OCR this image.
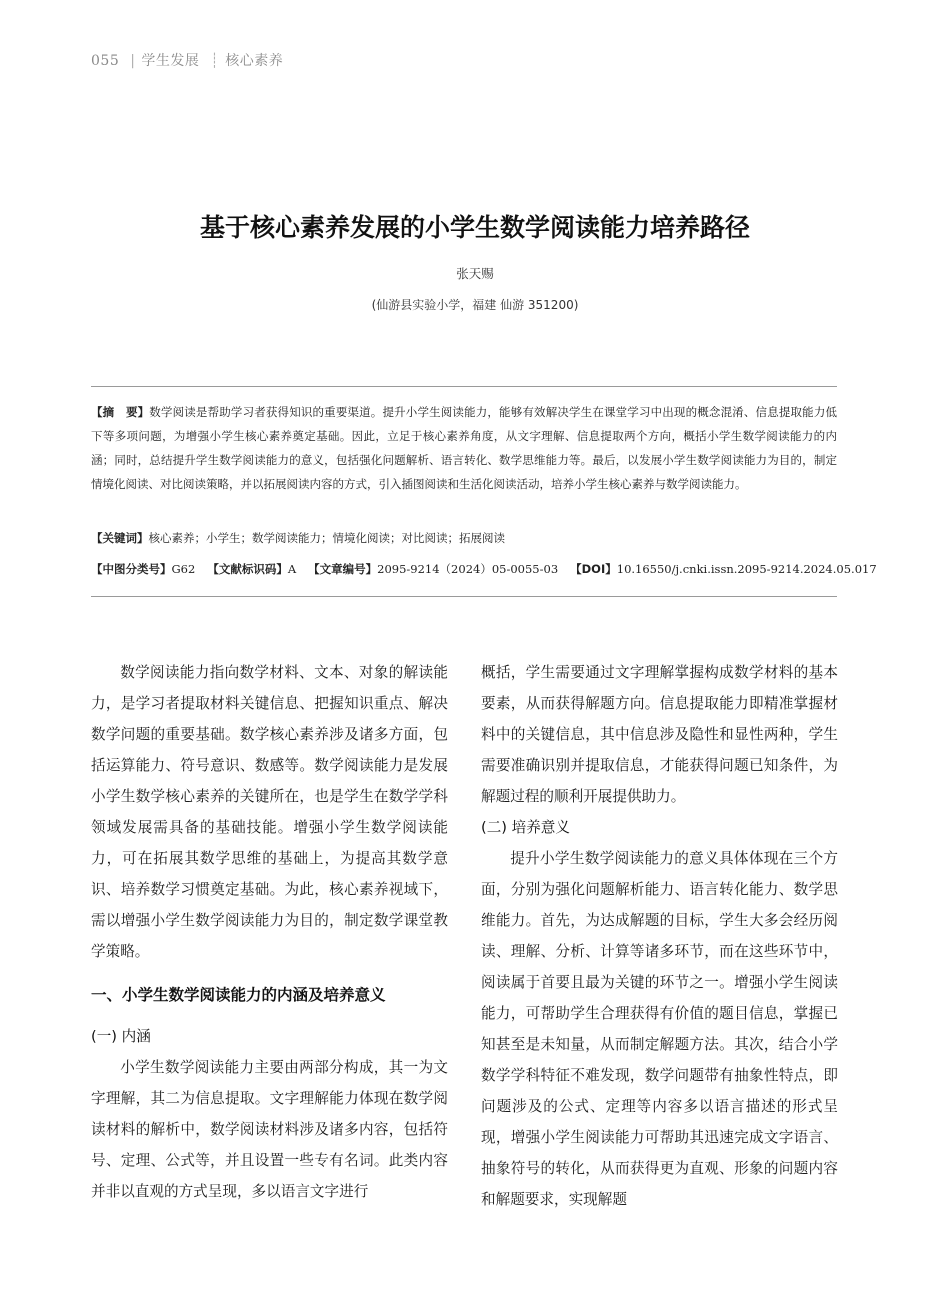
055 | 学生发展 ┊ 核心素养
基于核心素养发展的小学生数学阅读能力培养路径
张天赐
(仙游县实验小学，福建 仙游 351200)
【摘　要】数学阅读是帮助学习者获得知识的重要渠道。提升小学生阅读能力，能够有效解决学生在课堂学习中出现的概念混淆、信息提取能力低下等多项问题，为增强小学生核心素养奠定基础。因此，立足于核心素养角度，从文字理解、信息提取两个方向，概括小学生数学阅读能力的内涵；同时，总结提升学生数学阅读能力的意义，包括强化问题解析、语言转化、数学思维能力等。最后，以发展小学生数学阅读能力为目的，制定情境化阅读、对比阅读策略，并以拓展阅读内容的方式，引入插图阅读和生活化阅读活动，培养小学生核心素养与数学阅读能力。
【关键词】核心素养；小学生；数学阅读能力；情境化阅读；对比阅读；拓展阅读
【中图分类号】G62 【文献标识码】A 【文章编号】2095-9214（2024）05-0055-03 【DOI】10.16550/j.cnki.issn.2095-9214.2024.05.017

数学阅读能力指向数学材料、文本、对象的解读能力，是学习者提取材料关键信息、把握知识重点、解决数学问题的重要基础。数学核心素养涉及诸多方面，包括运算能力、符号意识、数感等。数学阅读能力是发展小学生数学核心素养的关键所在，也是学生在数学学科领域发展需具备的基础技能。增强小学生数学阅读能力，可在拓展其数学思维的基础上，为提高其数学意识、培养数学习惯奠定基础。为此，核心素养视域下，需以增强小学生数学阅读能力为目的，制定数学课堂教学策略。

一、小学生数学阅读能力的内涵及培养意义
(一) 内涵

小学生数学阅读能力主要由两部分构成，其一为文字理解，其二为信息提取。文字理解能力体现在数学阅读材料的解析中，数学阅读材料涉及诸多内容，包括符号、定理、公式等，并且设置一些专有名词。此类内容并非以直观的方式呈现，多以语言文字进行

概括，学生需要通过文字理解掌握构成数学材料的基本要素，从而获得解题方向。信息提取能力即精准掌握材料中的关键信息，其中信息涉及隐性和显性两种，学生需要准确识别并提取信息，才能获得问题已知条件，为解题过程的顺利开展提供助力。

(二) 培养意义

提升小学生数学阅读能力的意义具体体现在三个方面，分别为强化问题解析能力、语言转化能力、数学思维能力。首先，为达成解题的目标，学生大多会经历阅读、理解、分析、计算等诸多环节，而在这些环节中，阅读属于首要且最为关键的环节之一。增强小学生阅读能力，可帮助学生合理获得有价值的题目信息，掌握已知甚至是未知量，从而制定解题方法。其次，结合小学数学学科特征不难发现，数学问题带有抽象性特点，即问题涉及的公式、定理等内容多以语言描述的形式呈现，增强小学生阅读能力可帮助其迅速完成文字语言、抽象符号的转化，从而获得更为直观、形象的问题内容和解题要求，实现解题
